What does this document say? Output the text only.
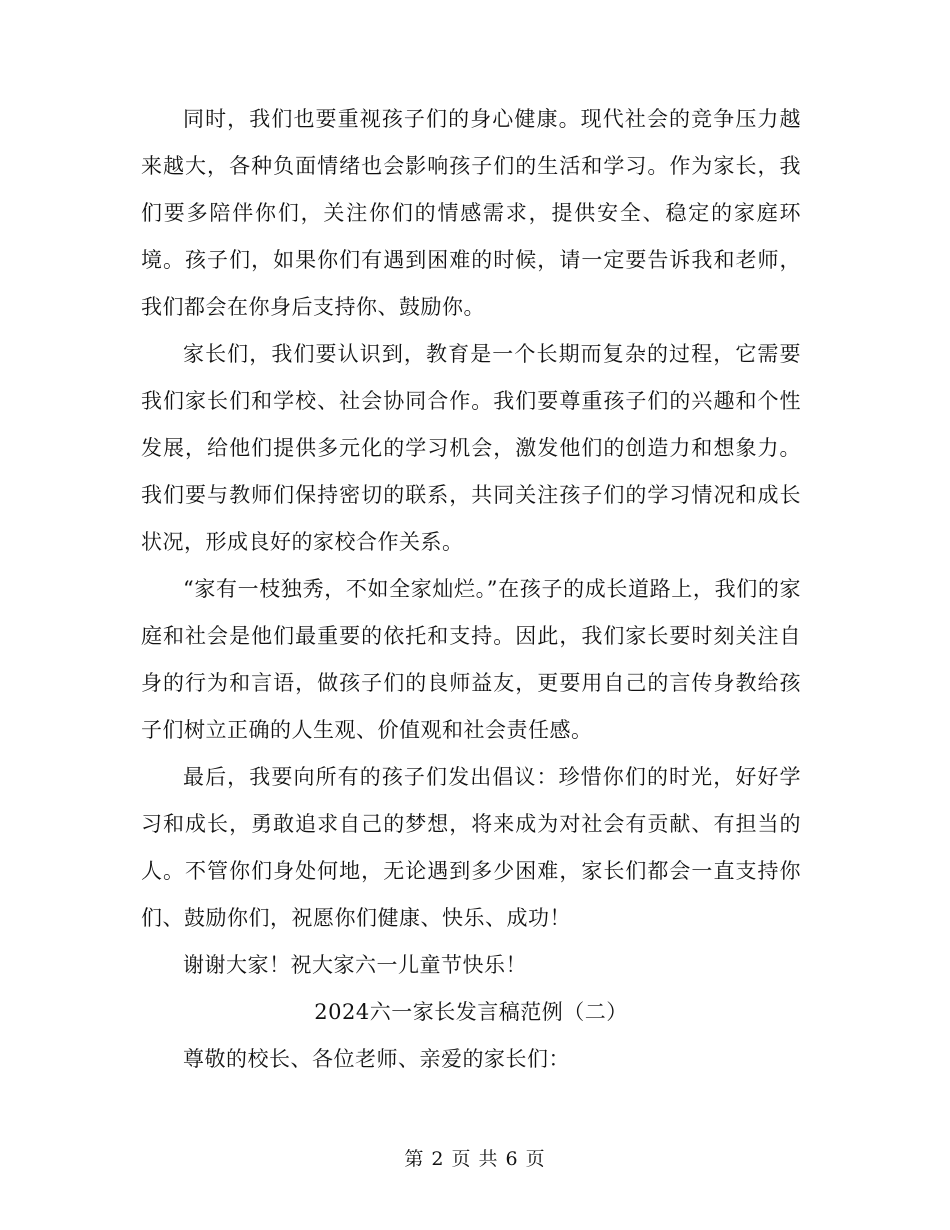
同时，我们也要重视孩子们的身心健康。现代社会的竞争压力越来越大，各种负面情绪也会影响孩子们的生活和学习。作为家长，我们要多陪伴你们，关注你们的情感需求，提供安全、稳定的家庭环境。孩子们，如果你们有遇到困难的时候，请一定要告诉我和老师，我们都会在你身后支持你、鼓励你。

家长们，我们要认识到，教育是一个长期而复杂的过程，它需要我们家长们和学校、社会协同合作。我们要尊重孩子们的兴趣和个性发展，给他们提供多元化的学习机会，激发他们的创造力和想象力。我们要与教师们保持密切的联系，共同关注孩子们的学习情况和成长状况，形成良好的家校合作关系。

“家有一枝独秀，不如全家灿烂。”在孩子的成长道路上，我们的家庭和社会是他们最重要的依托和支持。因此，我们家长要时刻关注自身的行为和言语，做孩子们的良师益友，更要用自己的言传身教给孩子们树立正确的人生观、价值观和社会责任感。

最后，我要向所有的孩子们发出倡议：珍惜你们的时光，好好学习和成长，勇敢追求自己的梦想，将来成为对社会有贡献、有担当的人。不管你们身处何地，无论遇到多少困难，家长们都会一直支持你们、鼓励你们，祝愿你们健康、快乐、成功！

谢谢大家！祝大家六一儿童节快乐！

2024六一家长发言稿范例（二）

尊敬的校长、各位老师、亲爱的家长们：

第 2 页 共 6 页
